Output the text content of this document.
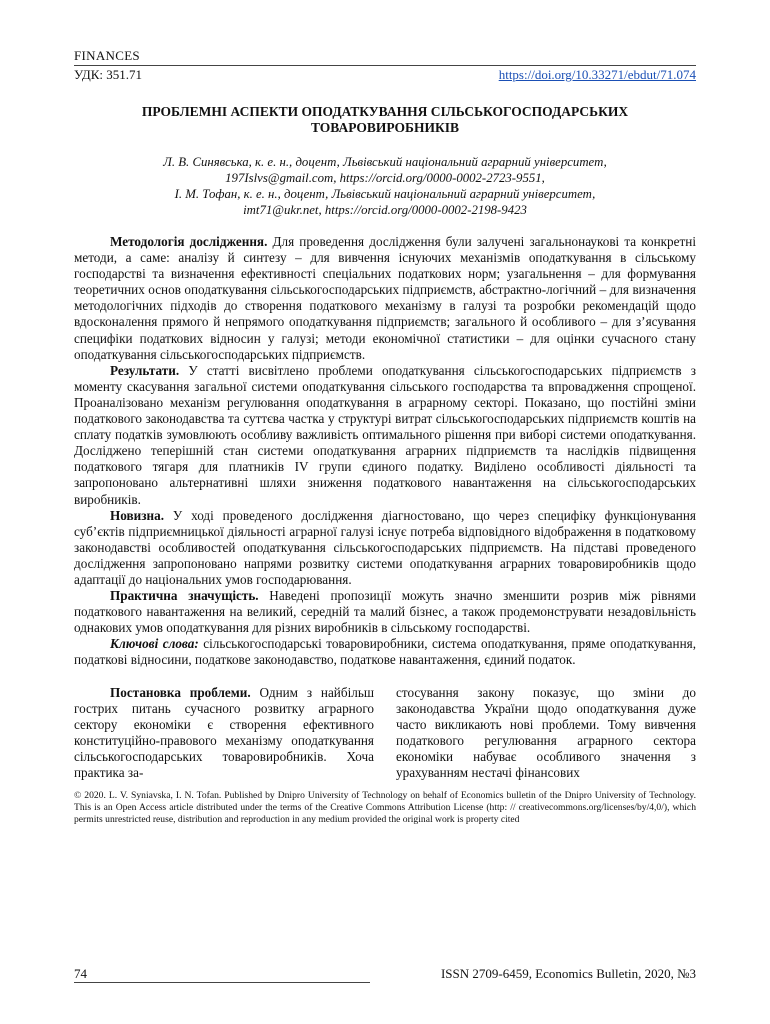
FINANCES
УДК: 351.71	https://doi.org/10.33271/ebdut/71.074
ПРОБЛЕМНІ АСПЕКТИ ОПОДАТКУВАННЯ СІЛЬСЬКОГОСПОДАРСЬКИХ
ТОВАРОВИРОБНИКІВ
Л. В. Синявська, к. е. н., доцент, Львівський національний аграрний університет,
197Islvs@gmail.com, https://orcid.org/0000-0002-2723-9551,
І. М. Тофан, к. е. н., доцент, Львівський національний аграрний університет,
imt71@ukr.net, https://orcid.org/0000-0002-2198-9423

Методологія дослідження. Для проведення дослідження були залучені загальнонаукові та конкретні методи, а саме: аналізу й синтезу – для вивчення існуючих механізмів оподаткування в сільському господарстві та визначення ефективності спеціальних податкових норм; узагальнення – для формування теоретичних основ оподаткування сільськогосподарських підприємств, абстрактно-логічний – для визначення методологічних підходів до створення податкового механізму в галузі та розробки рекомендацій щодо вдосконалення прямого й непрямого оподаткування підприємств; загального й особливого – для з’ясування специфіки податкових відносин у галузі; методи економічної статистики – для оцінки сучасного стану оподаткування сільськогосподарських підприємств.

Результати. У статті висвітлено проблеми оподаткування сільськогосподарських підприємств з моменту скасування загальної системи оподаткування сільського господарства та впровадження спрощеної. Проаналізовано механізм регулювання оподаткування в аграрному секторі. Показано, що постійні зміни податкового законодавства та суттєва частка у структурі витрат сільськогосподарських підприємств коштів на сплату податків зумовлюють особливу важливість оптимального рішення при виборі системи оподаткування. Досліджено теперішній стан системи оподаткування аграрних підприємств та наслідків підвищення податкового тягаря для платників IV групи єдиного податку. Виділено особливості діяльності та запропоновано альтернативні шляхи зниження податкового навантаження на сільськогосподарських виробників.

Новизна. У ході проведеного дослідження діагностовано, що через специфіку функціонування суб’єктів підприємницької діяльності аграрної галузі існує потреба відповідного відображення в податковому законодавстві особливостей оподаткування сільськогосподарських підприємств. На підставі проведеного дослідження запропоновано напрями розвитку системи оподаткування аграрних товаровиробників щодо адаптації до національних умов господарювання.

Практична значущість. Наведені пропозиції можуть значно зменшити розрив між рівнями податкового навантаження на великий, середній та малий бізнес, а також продемонструвати незадовільність однакових умов оподаткування для різних виробників в сільському господарстві.

Ключові слова: сільськогосподарські товаровиробники, система оподаткування, пряме оподаткування, податкові відносини, податкове законодавство, податкове навантаження, єдиний податок.

Постановка проблеми. Одним з найбільш гострих питань сучасного розвитку аграрного сектору економіки є створення ефективного конституційно-правового механізму оподаткування сільськогосподарських товаровиробників. Хоча практика за-

стосування закону показує, що зміни до законодавства України щодо оподаткування дуже часто викликають нові проблеми. Тому вивчення податкового регулювання аграрного сектора економіки набуває особливого значення з урахуванням нестачі фінансових

© 2020. L. V. Syniavska, I. N. Tofan. Published by Dnipro University of Technology on behalf of Economics bulletin of the Dnipro University of Technology. This is an Open Access article distributed under the terms of the Creative Commons Attribution License (http: // creativecommons.org/licenses/by/4,0/), which permits unrestricted reuse, distribution and reproduction in any medium provided the original work is property cited
74	ISSN 2709-6459, Economics Bulletin, 2020, №3
